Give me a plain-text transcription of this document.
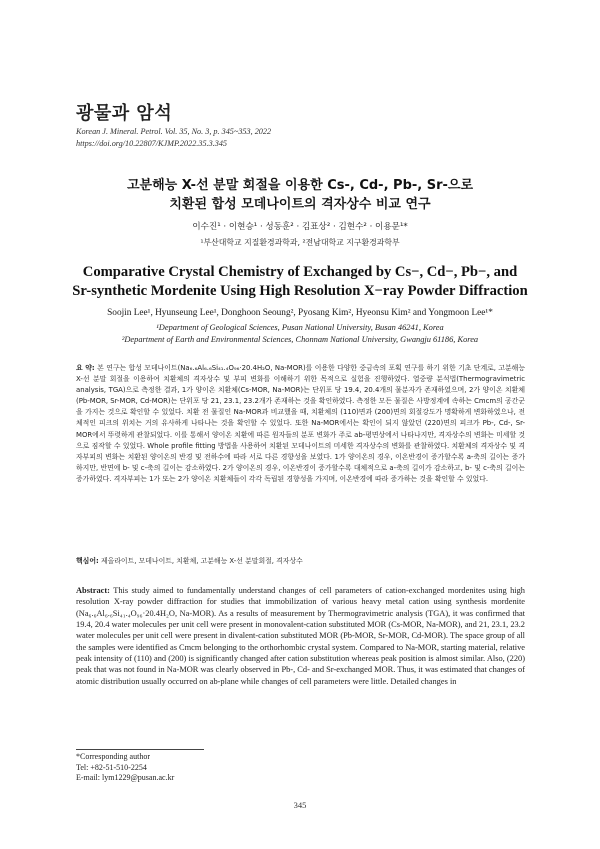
광물과 암석
Korean J. Mineral. Petrol. Vol. 35, No. 3, p. 345~353, 2022
https://doi.org/10.22807/KJMP.2022.35.3.345
고분해능 X-선 분말 회절을 이용한 Cs-, Cd-, Pb-, Sr-으로
치환된 합성 모데나이트의 격자상수 비교 연구
이수진¹ · 이현승¹ · 성동훈² · 김표상² · 김현수² · 이용문¹*
¹부산대학교 지질환경과학과, ²전남대학교 지구환경과학부
Comparative Crystal Chemistry of Exchanged by Cs−, Cd−, Pb−, and
Sr-synthetic Mordenite Using High Resolution X−ray Powder Diffraction
Soojin Lee¹, Hyunseung Lee¹, Donghoon Seoung², Pyosang Kim², Hyeonsu Kim² and Yongmoon Lee¹*
¹Department of Geological Sciences, Pusan National University, Busan 46241, Korea
²Department of Earth and Environmental Sciences, Chonnam National University, Gwangju 61186, Korea
요 약: 본 연구는 합성 모데나이트(Na₆.₆Al₆.₆Si₄₁.₄O₉₆·20.4H₂O, Na-MOR)를 이용한 다양한 중금속의 포획 연구를 하기 위한 기초 단계로, 고분해능 X-선 분말 회절을 이용하여 치환체의 격자상수 및 부피 변화를 이해하기 위한 목적으로 실험을 진행하였다. 열중량 분석법(Thermogravimetric analysis, TGA)으로 측정한 결과, 1가 양이온 치환체(Cs-MOR, Na-MOR)는 단위포 당 19.4, 20.4개의 물분자가 존재하였으며, 2가 양이온 치환체(Pb-MOR, Sr-MOR, Cd-MOR)는 단위포 당 21, 23.1, 23.2개가 존재하는 것을 확인하였다. 측정한 모든 물질은 사방정계에 속하는 Cmcm의 공간군을 가지는 것으로 확인할 수 있었다. 치환 전 물질인 Na-MOR과 비교했을 때, 치환체의 (110)면과 (200)면의 회절강도가 명확하게 변화하였으나, 전체적인 피크의 위치는 거의 유사하게 나타나는 것을 확인할 수 있었다. 또한 Na-MOR에서는 확인이 되지 않았던 (220)면의 피크가 Pb-, Cd-, Sr-MOR에서 뚜렷하게 관찰되었다. 이를 통해서 양이온 치환에 따른 원자들의 분포 변화가 주로 ab-평면상에서 나타나지만, 격자상수의 변화는 미세할 것으로 짐작할 수 있었다. Whole profile fitting 방법을 사용하여 치환된 모데나이트의 미세한 격자상수의 변화를 관찰하였다. 치환체의 격자상수 및 격자부피의 변화는 치환된 양이온의 반경 및 전하수에 따라 서로 다른 경향성을 보였다. 1가 양이온의 경우, 이온반경이 증가할수록 a-축의 길이는 증가하지만, 반면에 b- 및 c-축의 길이는 감소하였다. 2가 양이온의 경우, 이온반경이 증가할수록 대체적으로 a-축의 길이가 감소하고, b- 및 c-축의 길이는 증가하였다. 격자부피는 1가 또는 2가 양이온 치환체들이 각각 독립된 경향성을 가지며, 이온반경에 따라 증가하는 것을 확인할 수 있었다.
핵심어: 제올라이트, 모데나이트, 치환체, 고분해능 X-선 분말회절, 격자상수
Abstract: This study aimed to fundamentally understand changes of cell parameters of cation-exchanged mordenites using high resolution X-ray powder diffraction for studies that immobilization of various heavy metal cation using synthesis mordenite (Na₆.₆Al₆.₆Si₄₁.₄O₉₆·20.4H₂O, Na-MOR). As a results of measurement by Thermogravimetric analysis (TGA), it was confirmed that 19.4, 20.4 water molecules per unit cell were present in monovalent-cation substituted MOR (Cs-MOR, Na-MOR), and 21, 23.1, 23.2 water molecules per unit cell were present in divalent-cation substituted MOR (Pb-MOR, Sr-MOR, Cd-MOR). The space group of all the samples were identified as Cmcm belonging to the orthorhombic crystal system. Compared to Na-MOR, starting material, relative peak intensity of (110) and (200) is significantly changed after cation substitution whereas peak position is almost similar. Also, (220) peak that was not found in Na-MOR was clearly observed in Pb-, Cd- and Sr-exchanged MOR. Thus, it was estimated that changes of atomic distribution usually occurred on ab-plane while changes of cell parameters were little. Detailed changes in
*Corresponding author
Tel: +82-51-510-2254
E-mail: lym1229@pusan.ac.kr
345
